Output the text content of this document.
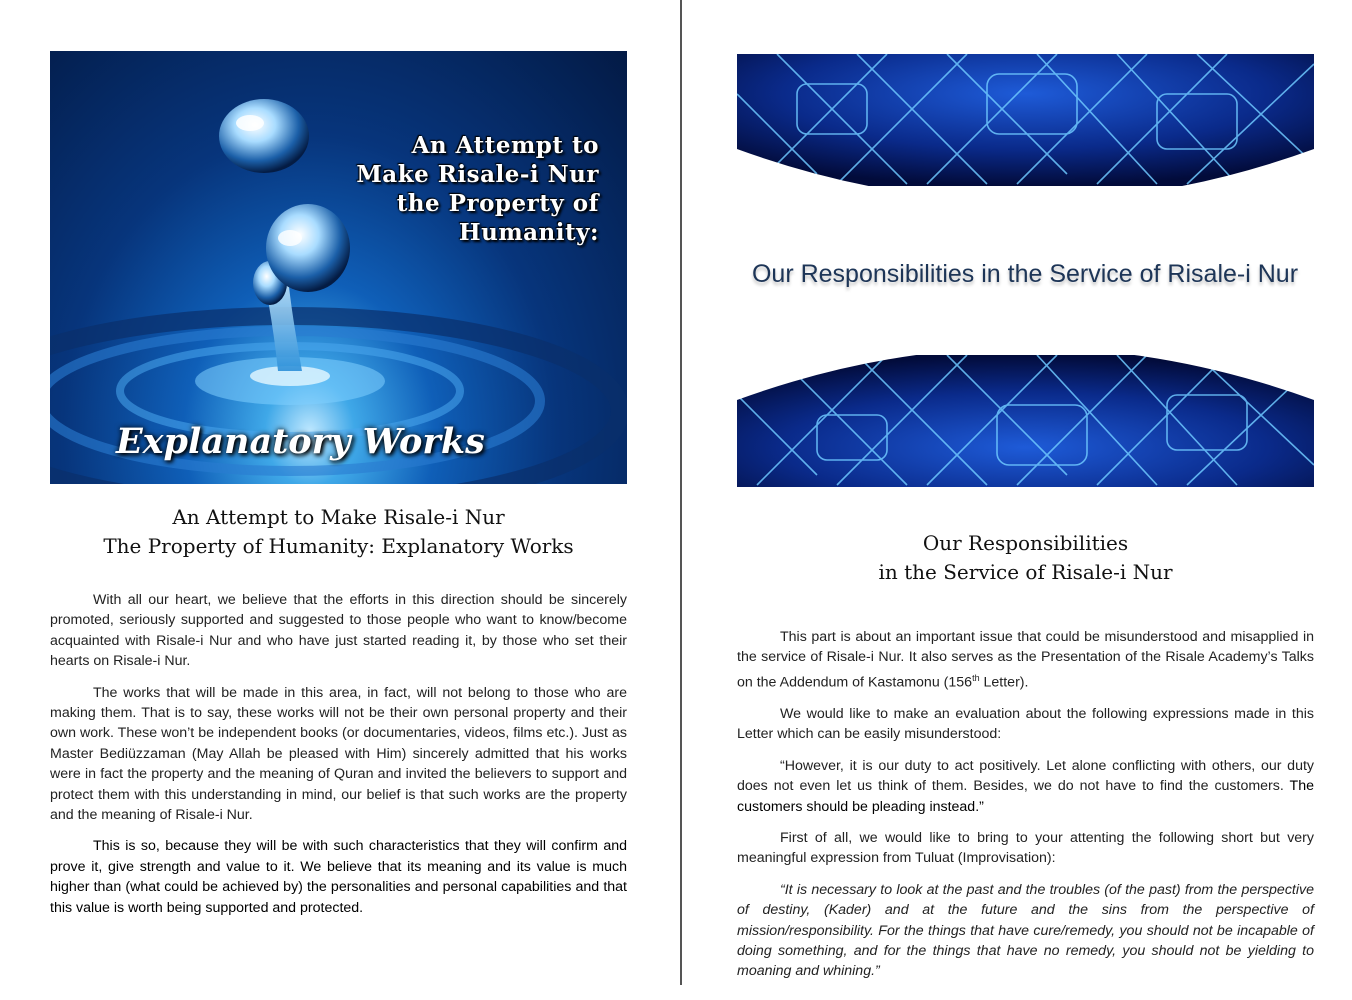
An Attempt to
Make Risale-i Nur
the Property of
Humanity:
Explanatory Works
An Attempt to Make Risale-i Nur
The Property of Humanity: Explanatory Works

With all our heart, we believe that the efforts in this direction should be sincerely promoted, seriously supported and suggested to those people who want to know/become acquainted with Risale-i Nur and who have just started reading it, by those who set their hearts on Risale-i Nur.

The works that will be made in this area, in fact, will not belong to those who are making them. That is to say, these works will not be their own personal property and their own work. These won’t be independent books (or documentaries, videos, films etc.). Just as Master Bediüzzaman (May Allah be pleased with Him) sincerely admitted that his works were in fact the property and the meaning of Quran and invited the believers to support and protect them with this understanding in mind, our belief is that such works are the property and the meaning of Risale-i Nur.

This is so, because they will be with such characteristics that they will confirm and prove it, give strength and value to it. We believe that its meaning and its value is much higher than (what could be achieved by) the personalities and personal capabilities and that this value is worth being supported and protected.

Our Responsibilities in the Service of Risale-i Nur
Our Responsibilities
in the Service of Risale-i Nur

This part is about an important issue that could be misunderstood and misapplied in the service of Risale-i Nur. It also serves as the Presentation of the Risale Academy’s Talks on the Addendum of Kastamonu (156th Letter).

We would like to make an evaluation about the following expressions made in this Letter which can be easily misunderstood:

“However, it is our duty to act positively. Let alone conflicting with others, our duty does not even let us think of them. Besides, we do not have to find the customers. The customers should be pleading instead.”

First of all, we would like to bring to your attenting the following short but very meaningful expression from Tuluat (Improvisation):

“It is necessary to look at the past and the troubles (of the past) from the perspective of destiny, (Kader) and at the future and the sins from the perspective of mission/responsibility. For the things that have cure/remedy, you should not be incapable of doing something, and for the things that have no remedy, you should not be yielding to moaning and whining.”
